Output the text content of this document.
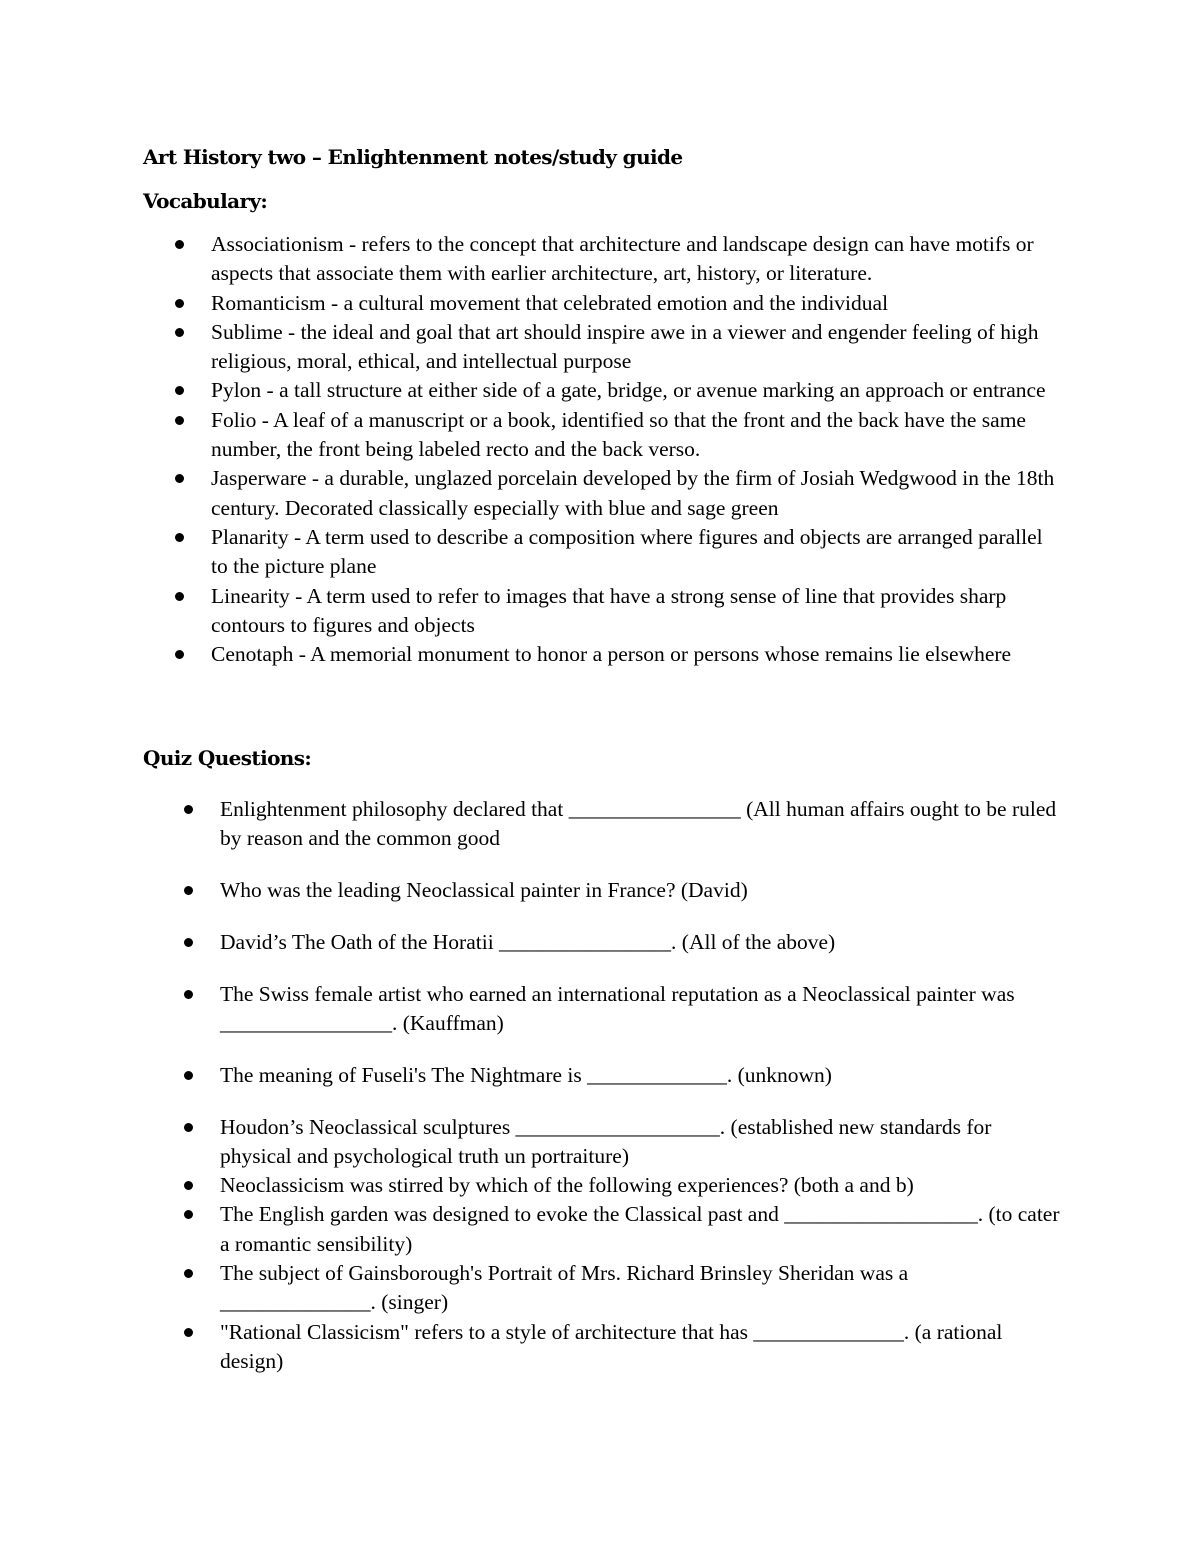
Art History two – Enlightenment notes/study guide
Vocabulary:
Associationism - refers to the concept that architecture and landscape design can have motifs or aspects that associate them with earlier architecture, art, history, or literature.
Romanticism - a cultural movement that celebrated emotion and the individual
Sublime - the ideal and goal that art should inspire awe in a viewer and engender feeling of high religious, moral, ethical, and intellectual purpose
Pylon - a tall structure at either side of a gate, bridge, or avenue marking an approach or entrance
Folio - A leaf of a manuscript or a book, identified so that the front and the back have the same number, the front being labeled recto and the back verso.
Jasperware - a durable, unglazed porcelain developed by the firm of Josiah Wedgwood in the 18th century. Decorated classically especially with blue and sage green
Planarity - A term used to describe a composition where figures and objects are arranged parallel to the picture plane
Linearity - A term used to refer to images that have a strong sense of line that provides sharp contours to figures and objects
Cenotaph - A memorial monument to honor a person or persons whose remains lie elsewhere
Quiz Questions:
Enlightenment philosophy declared that ________________ (All human affairs ought to be ruled by reason and the common good
Who was the leading Neoclassical painter in France? (David)
David’s The Oath of the Horatii ________________. (All of the above)
The Swiss female artist who earned an international reputation as a Neoclassical painter was ________________. (Kauffman)
The meaning of Fuseli's The Nightmare is _____________. (unknown)
Houdon’s Neoclassical sculptures ___________________. (established new standards for physical and psychological truth un portraiture)
Neoclassicism was stirred by which of the following experiences? (both a and b)
The English garden was designed to evoke the Classical past and __________________. (to cater a romantic sensibility)
The subject of Gainsborough's Portrait of Mrs. Richard Brinsley Sheridan was a ______________. (singer)
"Rational Classicism" refers to a style of architecture that has ______________. (a rational design)
